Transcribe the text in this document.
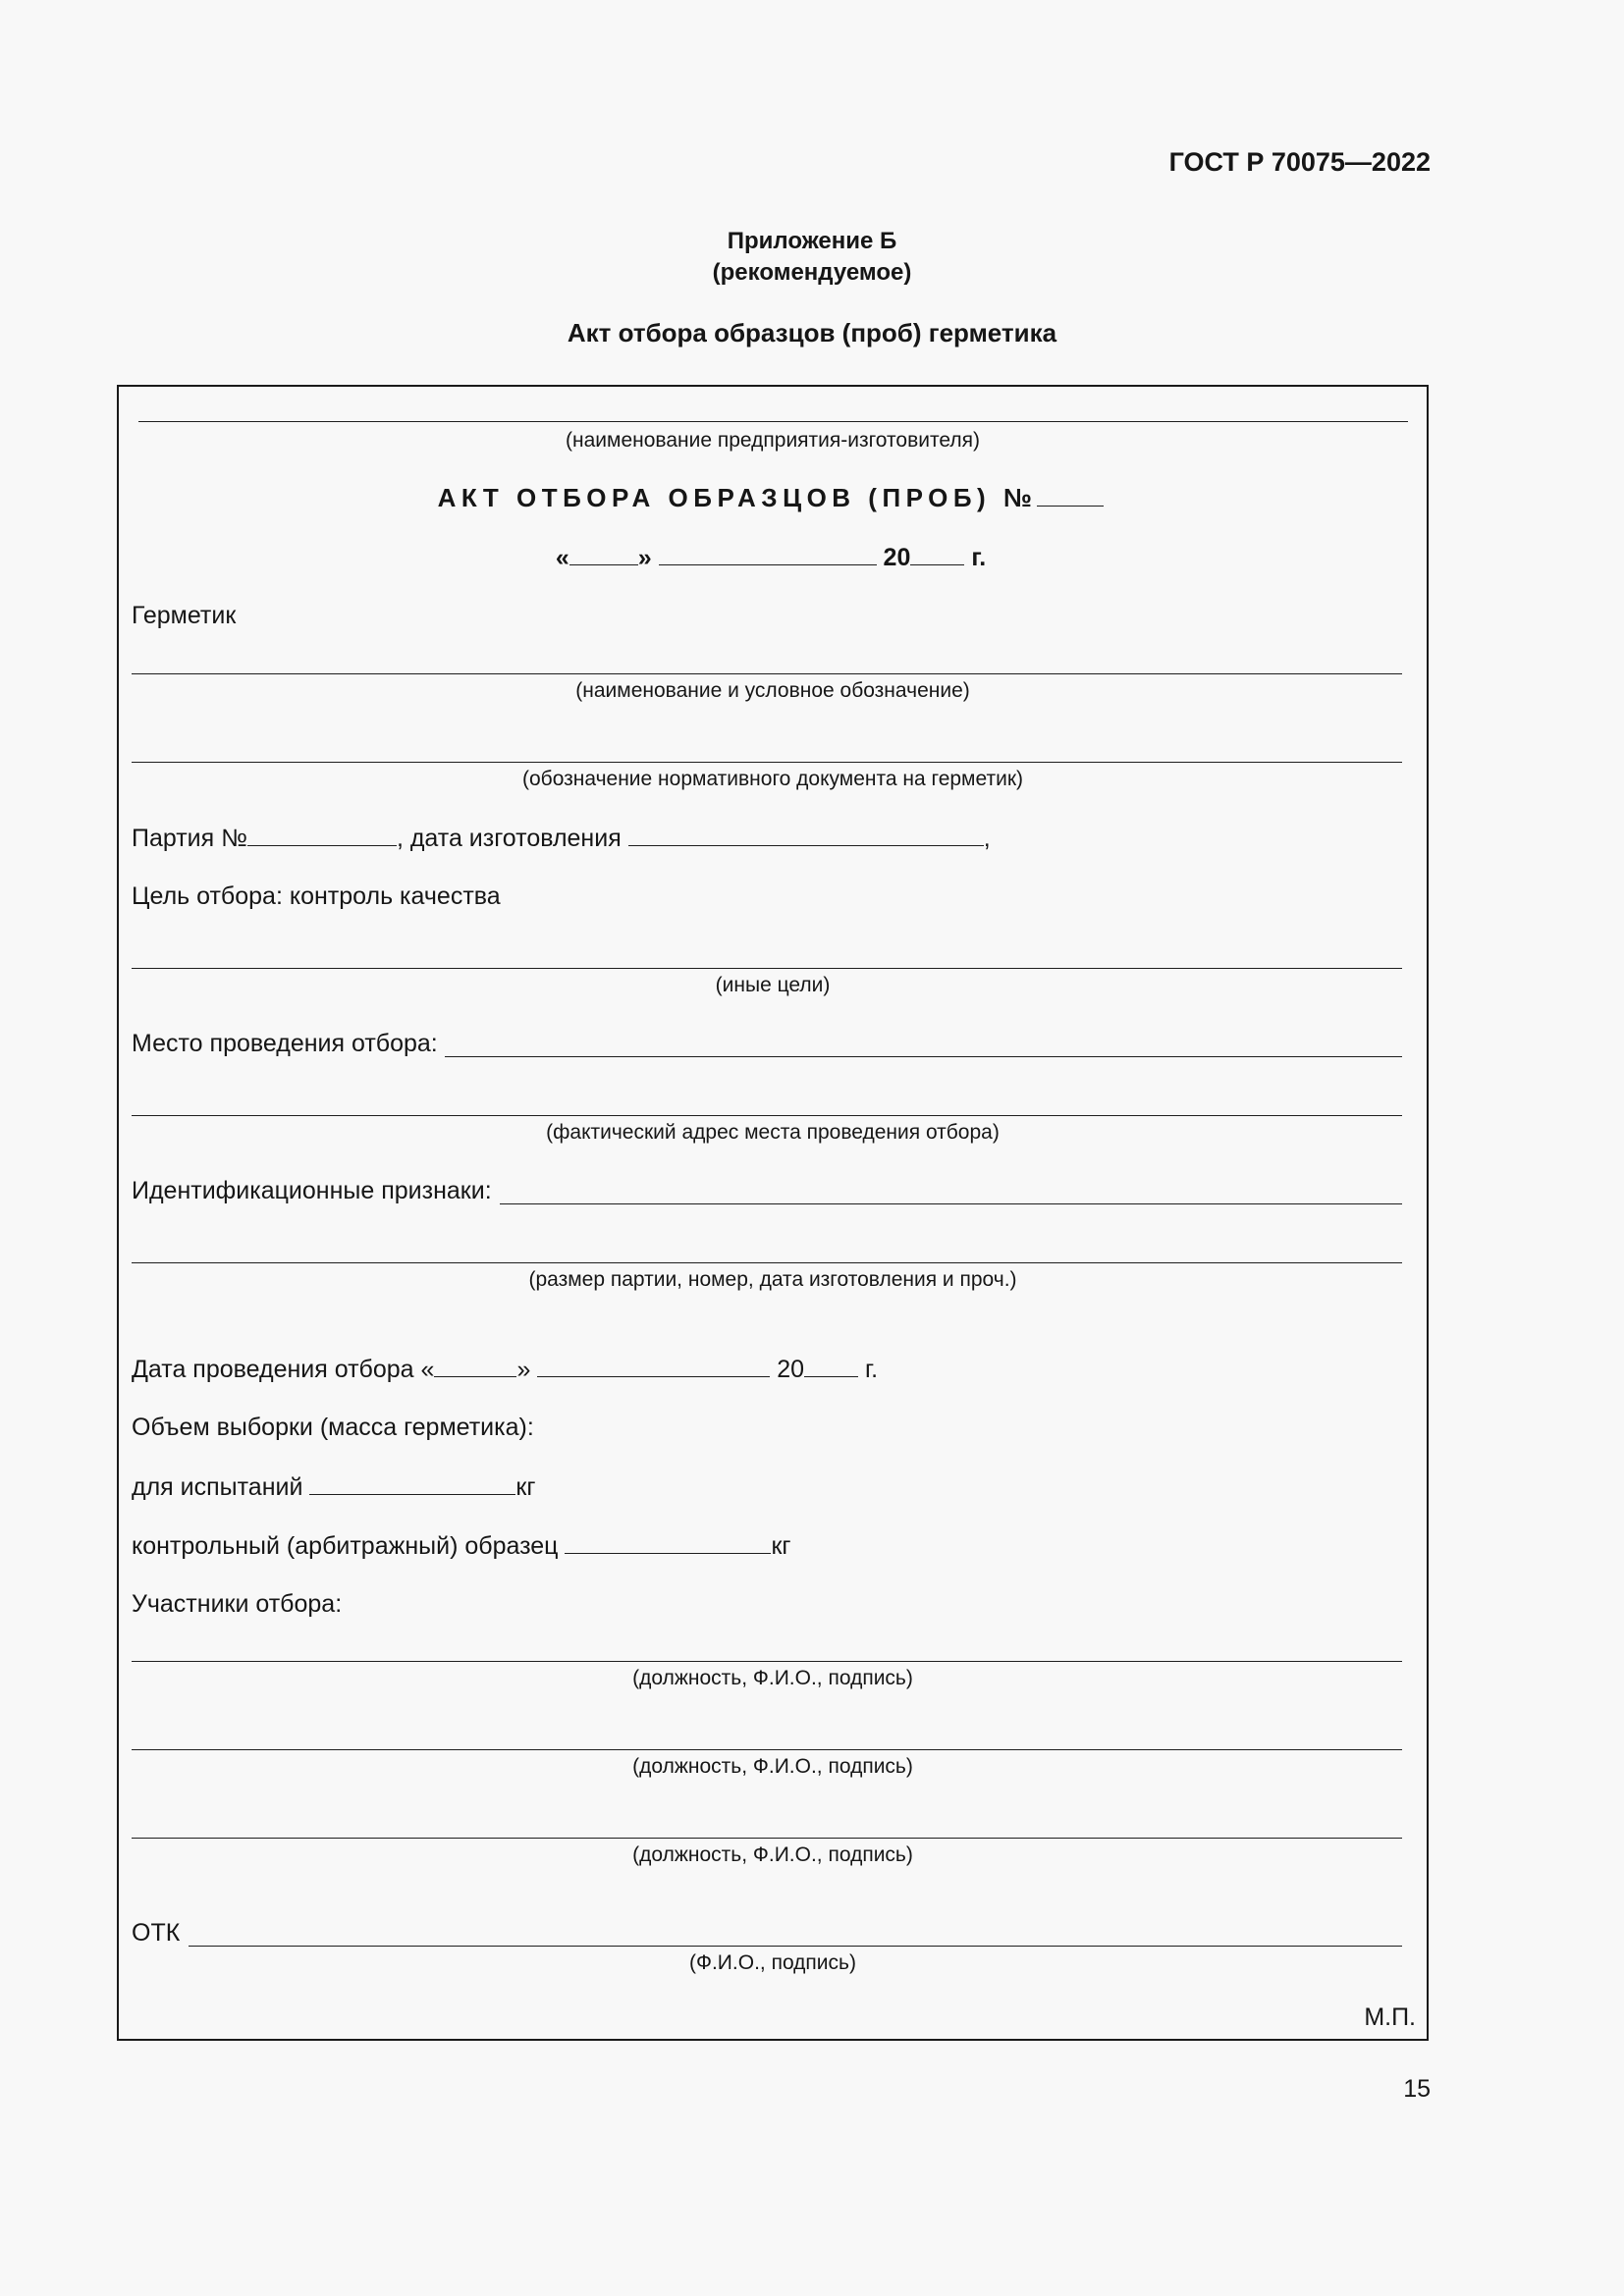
ГОСТ Р 70075—2022
Приложение Б
(рекомендуемое)
Акт отбора образцов (проб) герметика
(наименование предприятия-изготовителя)
АКТ ОТБОРА ОБРАЗЦОВ (ПРОБ) №
«	»	20 г.
Герметик
(наименование и условное обозначение)
(обозначение нормативного документа на герметик)
Партия №	, дата изготовления	,
Цель отбора: контроль качества
(иные цели)
Место проведения отбора:
(фактический адрес места проведения отбора)
Идентификационные признаки:
(размер партии, номер, дата изготовления и проч.)
Дата проведения отбора «	»	20 г.
Объем выборки (масса герметика):
для испытаний	кг
контрольный (арбитражный) образец	кг
Участники отбора:
(должность, Ф.И.О., подпись)
(должность, Ф.И.О., подпись)
(должность, Ф.И.О., подпись)
ОТК
(Ф.И.О., подпись)
М.П.
15
